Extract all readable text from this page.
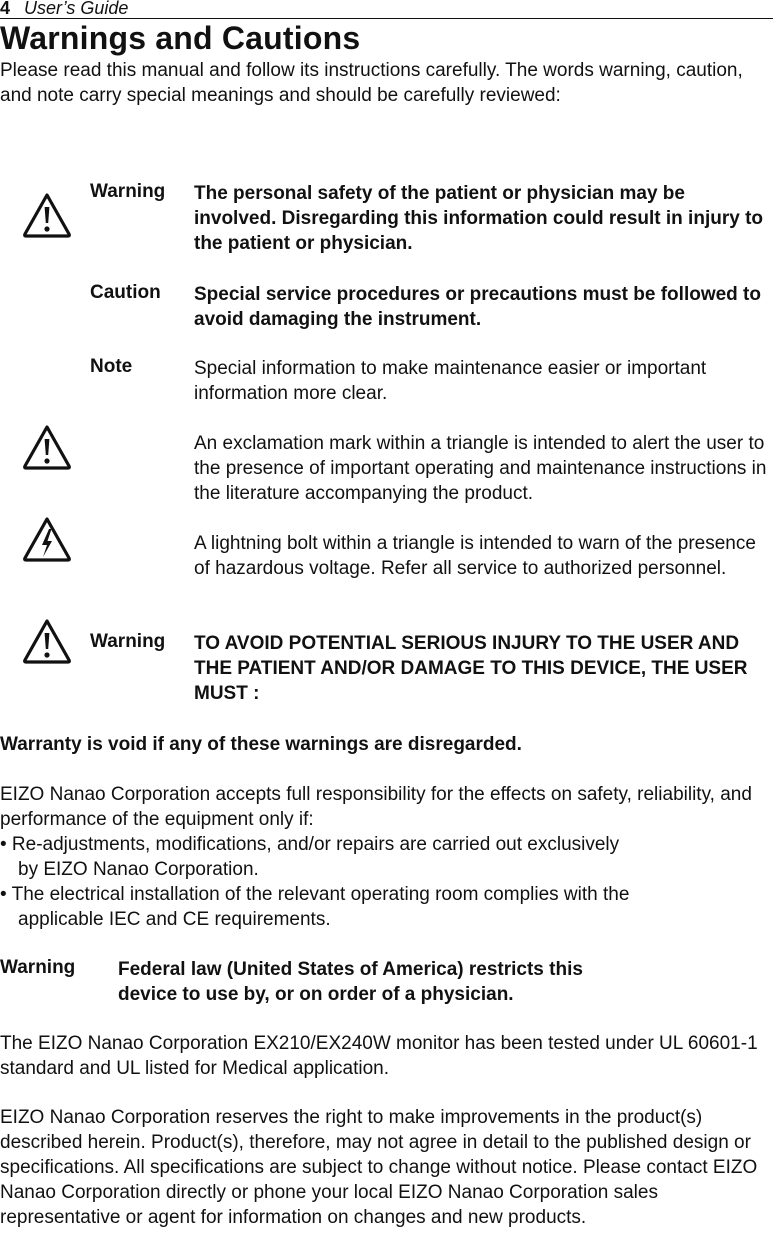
4 User’s Guide
Warnings and Cautions
Please read this manual and follow its instructions carefully. The words warning, caution, and note carry special meanings and should be carefully reviewed:
Warning The personal safety of the patient or physician may be involved. Disregarding this information could result in injury to the patient or physician.
Caution Special service procedures or precautions must be followed to avoid damaging the instrument.
Note	Special information to make maintenance easier or important information more clear.
An exclamation mark within a triangle is intended to alert the user to the presence of important operating and maintenance instructions in the literature accompanying the product.
A lightning bolt within a triangle is intended to warn of the presence of hazardous voltage. Refer all service to authorized personnel.
Warning TO AVOID POTENTIAL SERIOUS INJURY TO THE USER AND THE PATIENT AND/OR DAMAGE TO THIS DEVICE, THE USER MUST :
Warranty is void if any of these warnings are disregarded.
EIZO Nanao Corporation accepts full responsibility for the effects on safety, reliability, and performance of the equipment only if:
• Re-adjustments, modifications, and/or repairs are carried out exclusively
by EIZO Nanao Corporation.
• The electrical installation of the relevant operating room complies with the
applicable IEC and CE requirements.
Warning Federal law (United States of America) restricts this
device to use by, or on order of a physician.
The EIZO Nanao Corporation EX210/EX240W monitor has been tested under UL 60601-1 standard and UL listed for Medical application.
EIZO Nanao Corporation reserves the right to make improvements in the product(s) described herein. Product(s), therefore, may not agree in detail to the published design or specifications. All specifications are subject to change without notice. Please contact EIZO Nanao Corporation directly or phone your local EIZO Nanao Corporation sales representative or agent for information on changes and new products.
